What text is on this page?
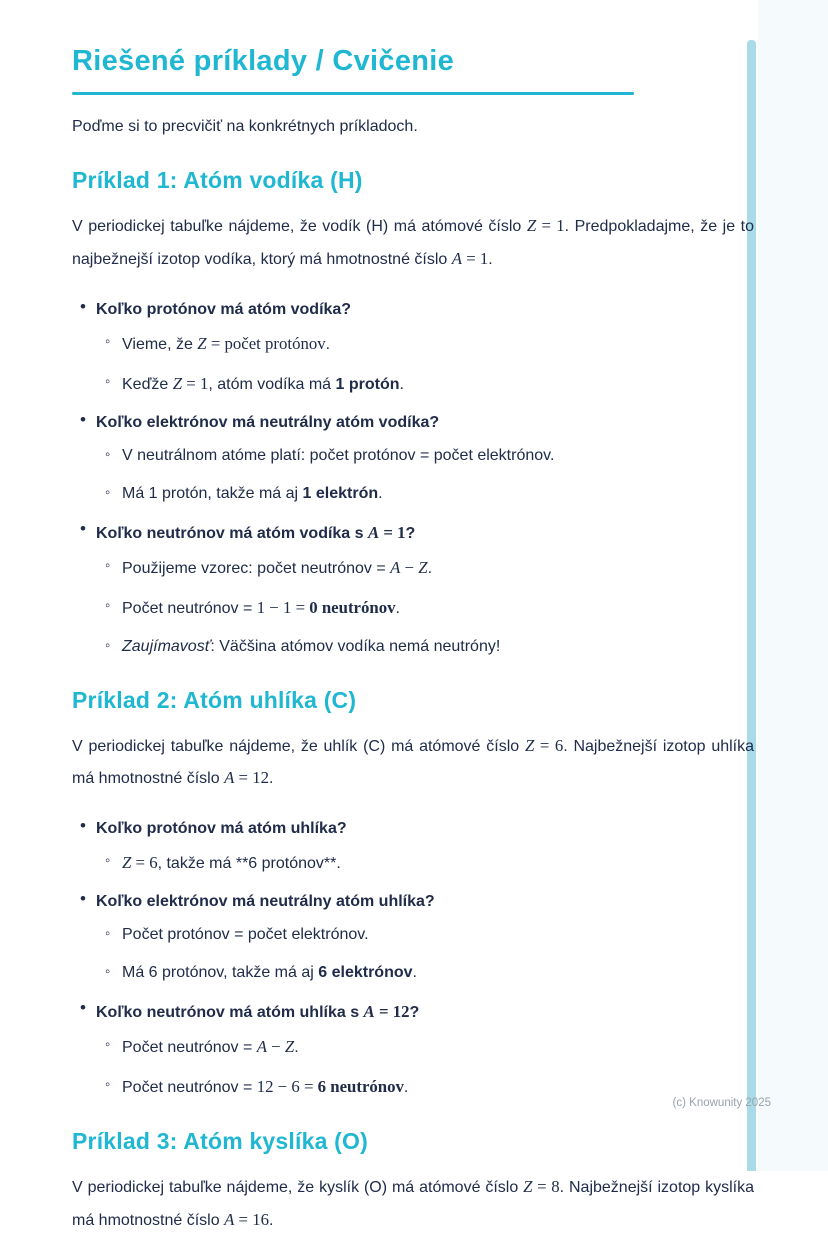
Riešené príklady / Cvičenie

Poďme si to precvičiť na konkrétnych príkladoch.

Príklad 1: Atóm vodíka (H)

V periodickej tabuľke nájdeme, že vodík (H) má atómové číslo Z = 1. Predpokladajme, že je to najbežnejší izotop vodíka, ktorý má hmotnostné číslo A = 1.

• Koľko protónov má atóm vodíka?
◦ Vieme, že Z = počet protónov.
◦ Keďže Z = 1, atóm vodíka má 1 protón.
• Koľko elektrónov má neutrálny atóm vodíka?
◦ V neutrálnom atóme platí: počet protónov = počet elektrónov.
◦ Má 1 protón, takže má aj 1 elektrón.
• Koľko neutrónov má atóm vodíka s A = 1?
◦ Použijeme vzorec: počet neutrónov = A − Z.
◦ Počet neutrónov = 1 − 1 = 0 neutrónov.
◦ Zaujímavosť: Väčšina atómov vodíka nemá neutróny!
Príklad 2: Atóm uhlíka (C)

V periodickej tabuľke nájdeme, že uhlík (C) má atómové číslo Z = 6. Najbežnejší izotop uhlíka má hmotnostné číslo A = 12.

• Koľko protónov má atóm uhlíka?
◦ Z = 6, takže má **6 protónov**.
• Koľko elektrónov má neutrálny atóm uhlíka?
◦ Počet protónov = počet elektrónov.
◦ Má 6 protónov, takže má aj 6 elektrónov.
• Koľko neutrónov má atóm uhlíka s A = 12?
◦ Počet neutrónov = A − Z.
◦ Počet neutrónov = 12 − 6 = 6 neutrónov.
Príklad 3: Atóm kyslíka (O)

V periodickej tabuľke nájdeme, že kyslík (O) má atómové číslo Z = 8. Najbežnejší izotop kyslíka má hmotnostné číslo A = 16.

(c) Knowunity 2025
